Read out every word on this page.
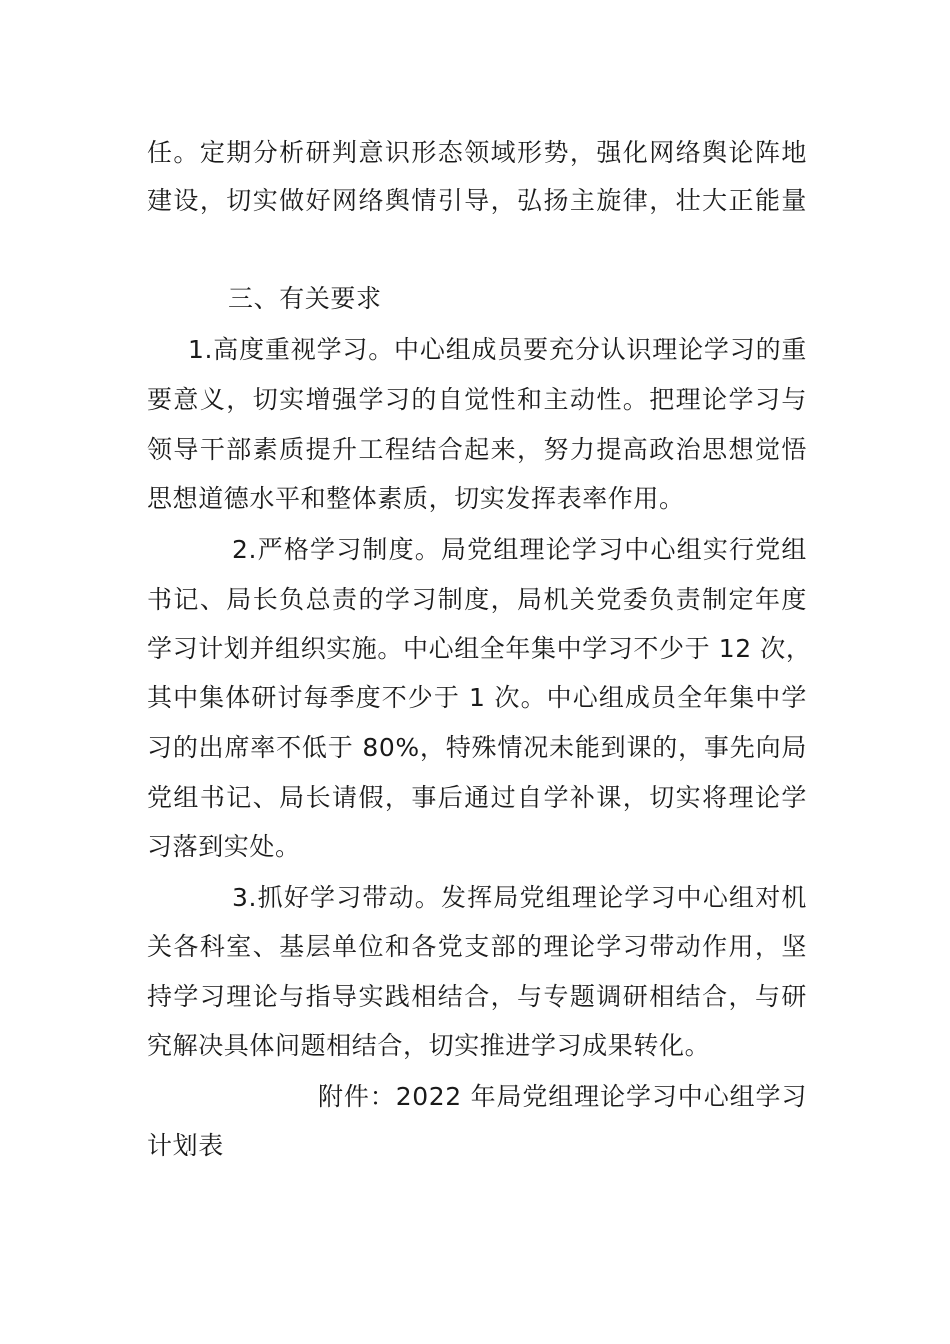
任。定期分析研判意识形态领域形势，强化网络舆论阵地
建设，切实做好网络舆情引导，弘扬主旋律，壮大正能量
三、有关要求
1.高度重视学习。中心组成员要充分认识理论学习的重
要意义，切实增强学习的自觉性和主动性。把理论学习与
领导干部素质提升工程结合起来，努力提高政治思想觉悟
思想道德水平和整体素质，切实发挥表率作用。
2.严格学习制度。局党组理论学习中心组实行党组
书记、局长负总责的学习制度，局机关党委负责制定年度
学习计划并组织实施。中心组全年集中学习不少于 12 次，
其中集体研讨每季度不少于 1 次。中心组成员全年集中学
习的出席率不低于 80%，特殊情况未能到课的，事先向局
党组书记、局长请假，事后通过自学补课，切实将理论学
习落到实处。
3.抓好学习带动。发挥局党组理论学习中心组对机
关各科室、基层单位和各党支部的理论学习带动作用，坚
持学习理论与指导实践相结合，与专题调研相结合，与研
究解决具体问题相结合，切实推进学习成果转化。
附件：2022 年局党组理论学习中心组学习
计划表
